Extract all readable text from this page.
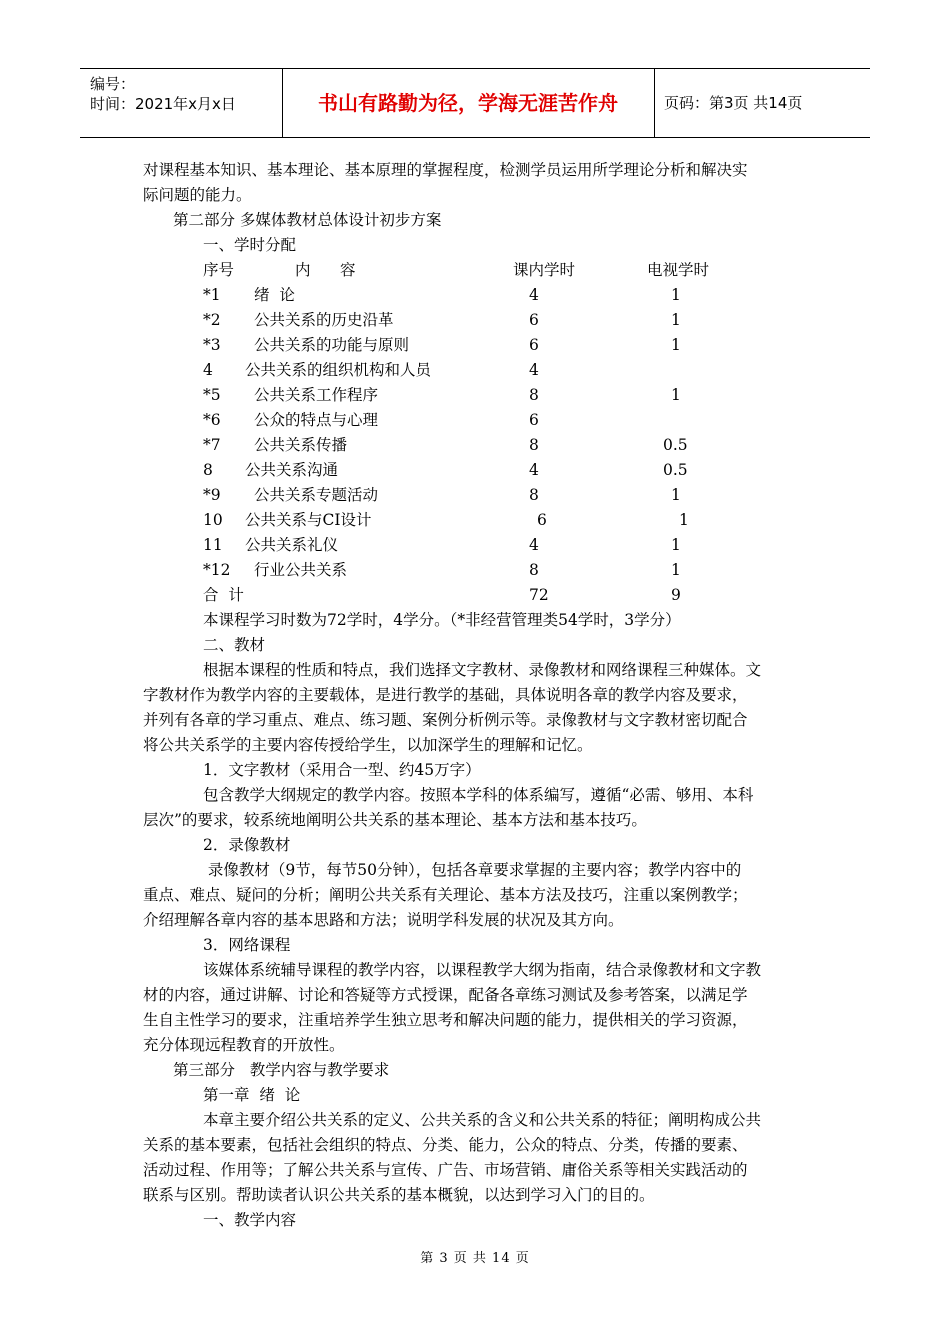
编号：
时间：2021年x月x日	书山有路勤为径，学海无涯苦作舟	页码：第3页 共14页
对课程基本知识、基本理论、基本原理的掌握程度，检测学员运用所学理论分析和解决实
际问题的能力。
第二部分 多媒体教材总体设计初步方案
一、学时分配
序号	内      容	课内学时	电视学时
*1 绪  论	4	1
*2 公共关系的历史沿革	6	1
*3 公共关系的功能与原则	6	1
4 公共关系的组织机构和人员	4
*5 公共关系工作程序	8	1
*6 公众的特点与心理	6
*7 公共关系传播	8	0.5
8 公共关系沟通	4	0.5
*9 公共关系专题活动	8	1
10 公共关系与CI设计	6	1
11 公共关系礼仪	4	1
*12 行业公共关系	8	1
合  计	72	9
本课程学习时数为72学时，4学分。（*非经营管理类54学时，3学分）
二、教材
根据本课程的性质和特点，我们选择文字教材、录像教材和网络课程三种媒体。文
字教材作为教学内容的主要载体，是进行教学的基础，具体说明各章的教学内容及要求，
并列有各章的学习重点、难点、练习题、案例分析例示等。录像教材与文字教材密切配合
将公共关系学的主要内容传授给学生，以加深学生的理解和记忆。
1．文字教材（采用合一型、约45万字）
包含教学大纲规定的教学内容。按照本学科的体系编写，遵循“必需、够用、本科
层次”的要求，较系统地阐明公共关系的基本理论、基本方法和基本技巧。
2．录像教材
录像教材（9节，每节50分钟），包括各章要求掌握的主要内容；教学内容中的
重点、难点、疑问的分析；阐明公共关系有关理论、基本方法及技巧，注重以案例教学；
介绍理解各章内容的基本思路和方法；说明学科发展的状况及其方向。
3．网络课程
该媒体系统辅导课程的教学内容，以课程教学大纲为指南，结合录像教材和文字教
材的内容，通过讲解、讨论和答疑等方式授课，配备各章练习测试及参考答案，以满足学
生自主性学习的要求，注重培养学生独立思考和解决问题的能力，提供相关的学习资源，
充分体现远程教育的开放性。
第三部分   教学内容与教学要求
第一章  绪  论
本章主要介绍公共关系的定义、公共关系的含义和公共关系的特征；阐明构成公共
关系的基本要素，包括社会组织的特点、分类、能力，公众的特点、分类，传播的要素、
活动过程、作用等；了解公共关系与宣传、广告、市场营销、庸俗关系等相关实践活动的
联系与区别。帮助读者认识公共关系的基本概貌，以达到学习入门的目的。
一、教学内容
第 3 页 共 14 页
